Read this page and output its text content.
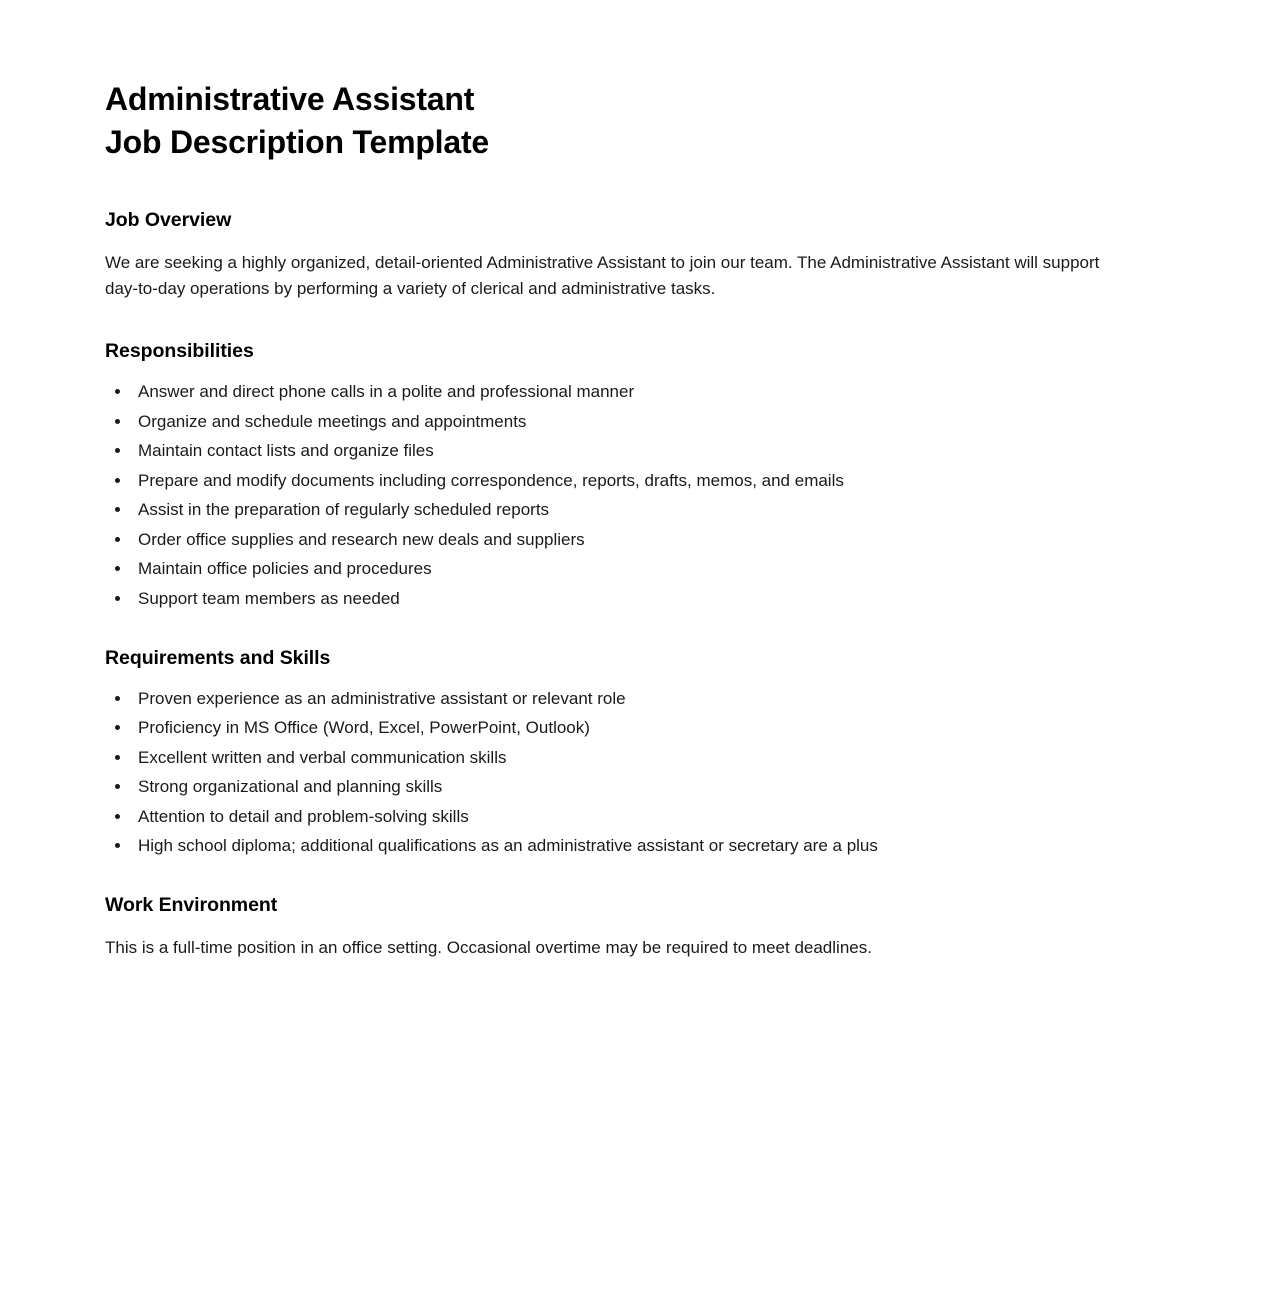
Administrative Assistant
Job Description Template
Job Overview

We are seeking a highly organized, detail-oriented Administrative Assistant to join our team. The Administrative Assistant will support day-to-day operations by performing a variety of clerical and administrative tasks.

Responsibilities
Answer and direct phone calls in a polite and professional manner
Organize and schedule meetings and appointments
Maintain contact lists and organize files
Prepare and modify documents including correspondence, reports, drafts, memos, and emails
Assist in the preparation of regularly scheduled reports
Order office supplies and research new deals and suppliers
Maintain office policies and procedures
Support team members as needed
Requirements and Skills
Proven experience as an administrative assistant or relevant role
Proficiency in MS Office (Word, Excel, PowerPoint, Outlook)
Excellent written and verbal communication skills
Strong organizational and planning skills
Attention to detail and problem-solving skills
High school diploma; additional qualifications as an administrative assistant or secretary are a plus
Work Environment

This is a full-time position in an office setting. Occasional overtime may be required to meet deadlines.
